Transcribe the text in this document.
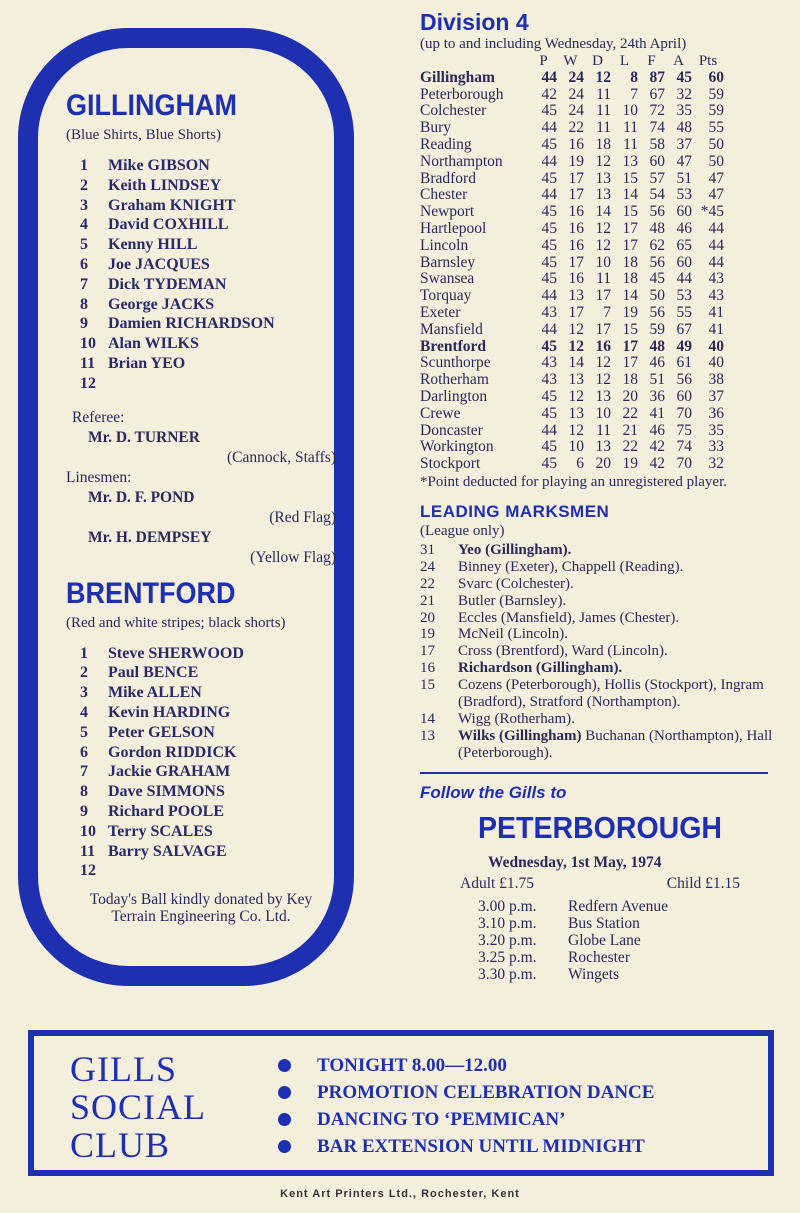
GILLINGHAM

(Blue Shirts, Blue Shorts)

1 Mike GIBSON
2 Keith LINDSEY
3 Graham KNIGHT
4 David COXHILL
5 Kenny HILL
6 Joe JACQUES
7 Dick TYDEMAN
8 George JACKS
9 Damien RICHARDSON
10 Alan WILKS
11 Brian YEO
12
Referee:
Mr. D. TURNER
(Cannock, Staffs)
Linesmen:
Mr. D. F. POND
(Red Flag)
Mr. H. DEMPSEY
(Yellow Flag)
BRENTFORD

(Red and white stripes; black shorts)

1 Steve SHERWOOD
2 Paul BENCE
3 Mike ALLEN
4 Kevin HARDING
5 Peter GELSON
6 Gordon RIDDICK
7 Jackie GRAHAM
8 Dave SIMMONS
9 Richard POOLE
10 Terry SCALES
11 Barry SALVAGE
12
Today's Ball kindly donated by Key Terrain Engineering Co. Ltd.
Division 4

(up to and including Wednesday, 24th April)

	P	W	D	L	F	A	Pts
Gillingham	44	24	12	8	87	45	60
Peterborough	42	24	11	7	67	32	59
Colchester	45	24	11	10	72	35	59
Bury	44	22	11	11	74	48	55
Reading	45	16	18	11	58	37	50
Northampton	44	19	12	13	60	47	50
Bradford	45	17	13	15	57	51	47
Chester	44	17	13	14	54	53	47
Newport	45	16	14	15	56	60	*45
Hartlepool	45	16	12	17	48	46	44
Lincoln	45	16	12	17	62	65	44
Barnsley	45	17	10	18	56	60	44
Swansea	45	16	11	18	45	44	43
Torquay	44	13	17	14	50	53	43
Exeter	43	17	7	19	56	55	41
Mansfield	44	12	17	15	59	67	41
Brentford	45	12	16	17	48	49	40
Scunthorpe	43	14	12	17	46	61	40
Rotherham	43	13	12	18	51	56	38
Darlington	45	12	13	20	36	60	37
Crewe	45	13	10	22	41	70	36
Doncaster	44	12	11	21	46	75	35
Workington	45	10	13	22	42	74	33
Stockport	45	6	20	19	42	70	32

*Point deducted for playing an unregistered player.

LEADING MARKSMEN

(League only)

31	Yeo (Gillingham).
24	Binney (Exeter), Chappell (Reading).
22	Svarc (Colchester).
21	Butler (Barnsley).
20	Eccles (Mansfield), James (Chester).
19	McNeil (Lincoln).
17	Cross (Brentford), Ward (Lincoln).
16	Richardson (Gillingham).
15	Cozens (Peterborough), Hollis (Stockport), Ingram (Bradford), Stratford (Northampton).
14	Wigg (Rotherham).
13	Wilks (Gillingham) Buchanan (Northampton), Hall (Peterborough).

Follow the Gills to

PETERBOROUGH
Wednesday, 1st May, 1974
Adult £1.75	Child £1.15
3.00 p.m.	Redfern Avenue
3.10 p.m.	Bus Station
3.20 p.m.	Globe Lane
3.25 p.m.	Rochester
3.30 p.m.	Wingets
GILLS
SOCIAL
CLUB
TONIGHT 8.00—12.00
PROMOTION CELEBRATION DANCE
DANCING TO ‘PEMMICAN’
BAR EXTENSION UNTIL MIDNIGHT
Kent Art Printers Ltd., Rochester, Kent
